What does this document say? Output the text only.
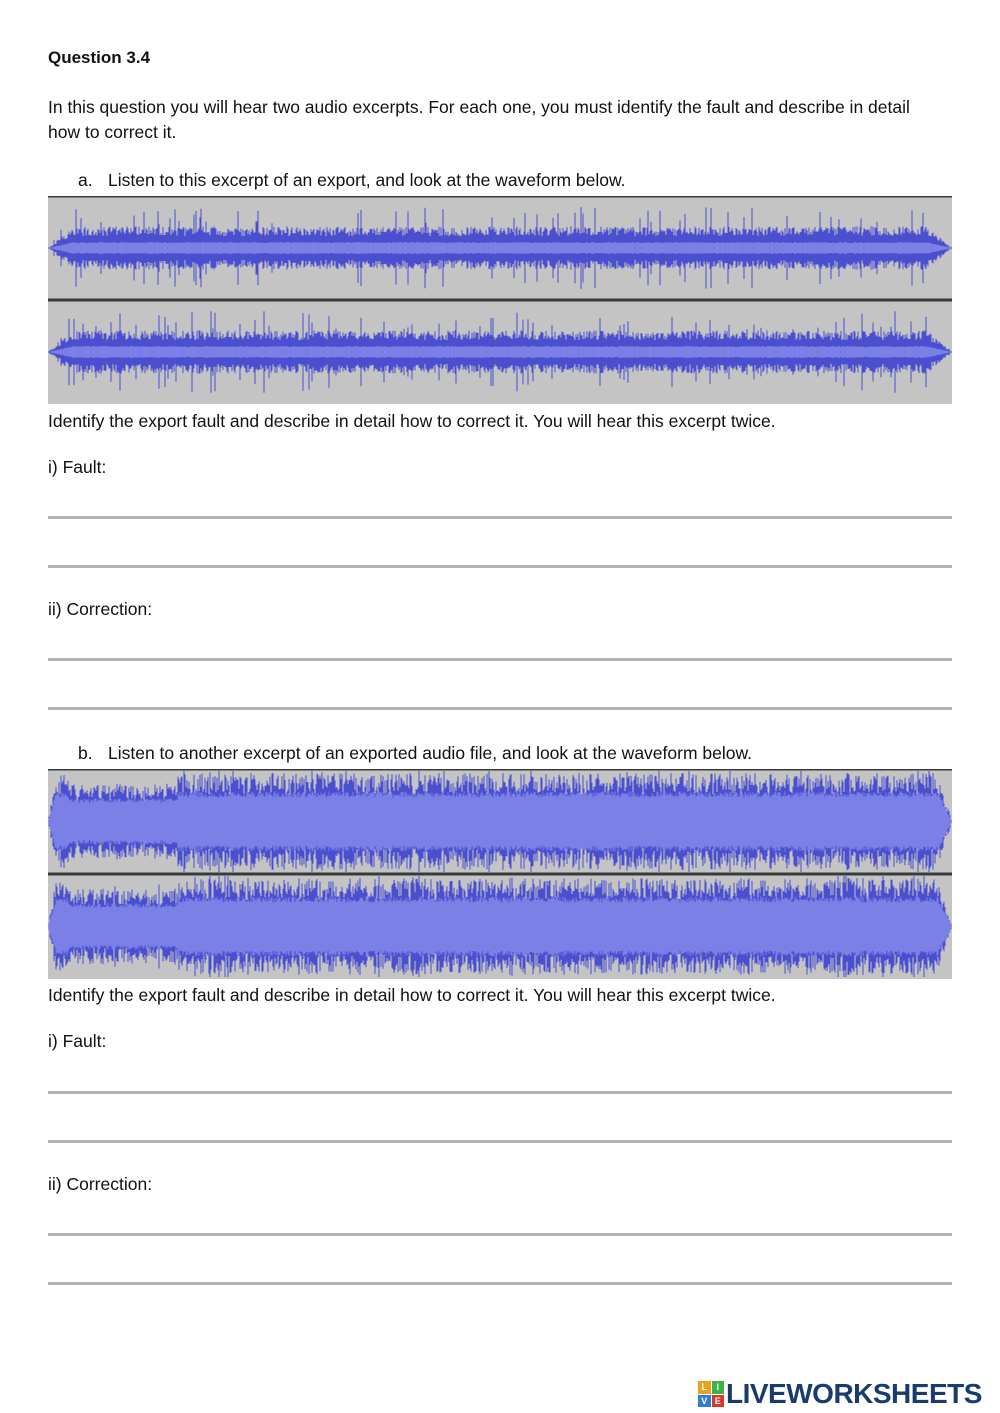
Question 3.4
In this question you will hear two audio excerpts. For each one, you must identify the fault and describe in detail how to correct it.
a. Listen to this excerpt of an export, and look at the waveform below.
Identify the export fault and describe in detail how to correct it. You will hear this excerpt twice.
i) Fault:
ii) Correction:
b. Listen to another excerpt of an exported audio file, and look at the waveform below.
Identify the export fault and describe in detail how to correct it. You will hear this excerpt twice.
i) Fault:
ii) Correction:
L	I
V E LIVEWORKSHEETS
